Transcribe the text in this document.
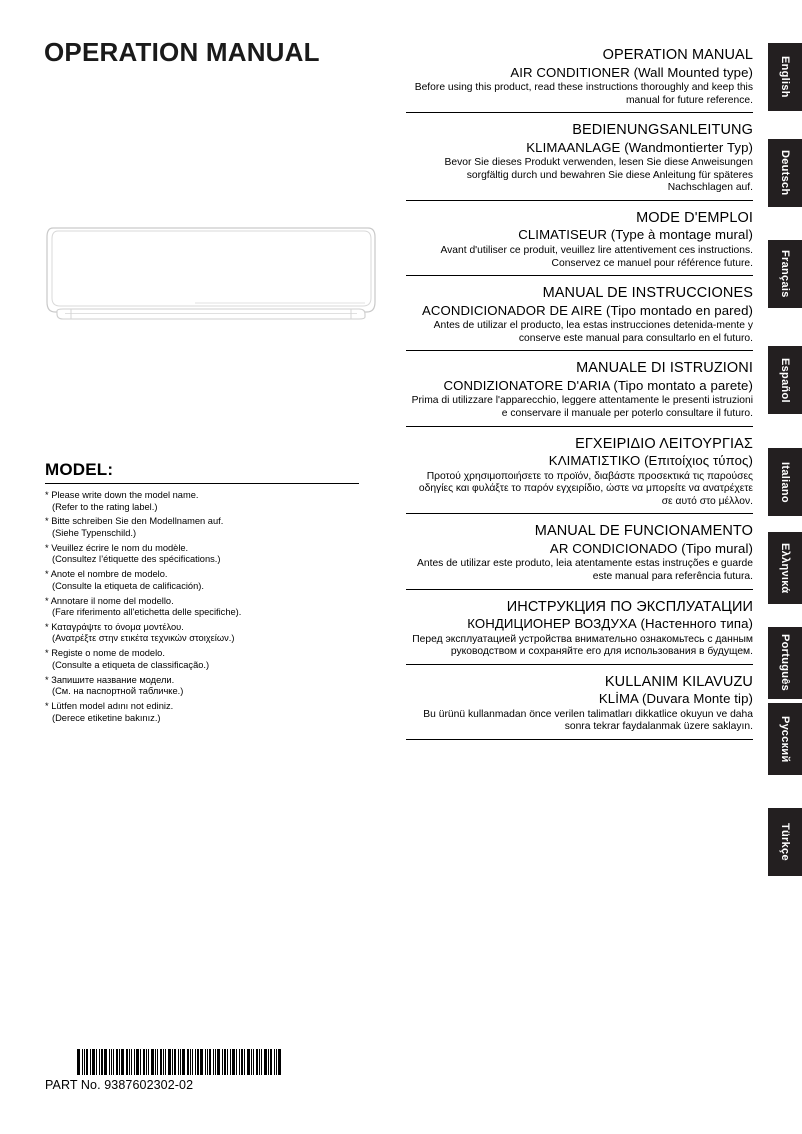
OPERATION MANUAL
MODEL:
* Please write down the model name.
(Refer to the rating label.)
* Bitte schreiben Sie den Modellnamen auf.
(Siehe Typenschild.)
* Veuillez écrire le nom du modèle.
(Consultez l’étiquette des spécifications.)
* Anote el nombre de modelo.
(Consulte la etiqueta de calificación).
* Annotare il nome del modello.
(Fare riferimento all'etichetta delle specifiche).
* Καταγράψτε το όνομα μοντέλου.
(Ανατρέξτε στην ετικέτα τεχνικών στοιχείων.)
* Registe o nome de modelo.
(Consulte a etiqueta de classificação.)
* Запишите название модели.
(См. на паспортной табличке.)
* Lütfen model adını not ediniz.
(Derece etiketine bakınız.)
OPERATION MANUAL
AIR CONDITIONER (Wall Mounted type)
Before using this product, read these instructions thoroughly and keep this manual for future reference.
BEDIENUNGSANLEITUNG
KLIMAANLAGE (Wandmontierter Typ)
Bevor Sie dieses Produkt verwenden, lesen Sie diese Anweisungen sorgfältig durch und bewahren Sie diese Anleitung für späteres Nachschlagen auf.
MODE D'EMPLOI
CLIMATISEUR (Type à montage mural)
Avant d'utiliser ce produit, veuillez lire attentivement ces instructions. Conservez ce manuel pour référence future.
MANUAL DE INSTRUCCIONES
ACONDICIONADOR DE AIRE (Tipo montado en pared)
Antes de utilizar el producto, lea estas instrucciones detenida-mente y conserve este manual para consultarlo en el futuro.
MANUALE DI ISTRUZIONI
CONDIZIONATORE D'ARIA (Tipo montato a parete)
Prima di utilizzare l'apparecchio, leggere attentamente le presenti istruzioni e conservare il manuale per poterlo consultare il futuro.
ΕΓΧΕΙΡΙΔΙΟ ΛΕΙΤΟΥΡΓΙΑΣ
ΚΛΙΜΑΤΙΣΤΙΚΟ (Επιτοίχιος τύπος)
Προτού χρησιμοποιήσετε το προϊόν, διαβάστε προσεκτικά τις παρούσες οδηγίες και φυλάξτε το παρόν εγχειρίδιο, ώστε να μπορείτε να ανατρέχετε σε αυτό στο μέλλον.
MANUAL DE FUNCIONAMENTO
AR CONDICIONADO (Tipo mural)
Antes de utilizar este produto, leia atentamente estas instruções e guarde este manual para referência futura.
ИНСТРУКЦИЯ ПО ЭКСПЛУАТАЦИИ
КОНДИЦИОНЕР ВОЗДУХА (Настенного типа)
Перед эксплуатацией устройства внимательно ознакомьтесь с данным руководством и сохраняйте его для использования в будущем.
KULLANIM KILAVUZU
KLİMA (Duvara Monte tip)
Bu ürünü kullanmadan önce verilen talimatları dikkatlice okuyun ve daha sonra tekrar faydalanmak üzere saklayın.
English
Deutsch
Français
Español
Italiano
Ελληνικά
Português
Русский
Türkçe
PART No. 9387602302-02
